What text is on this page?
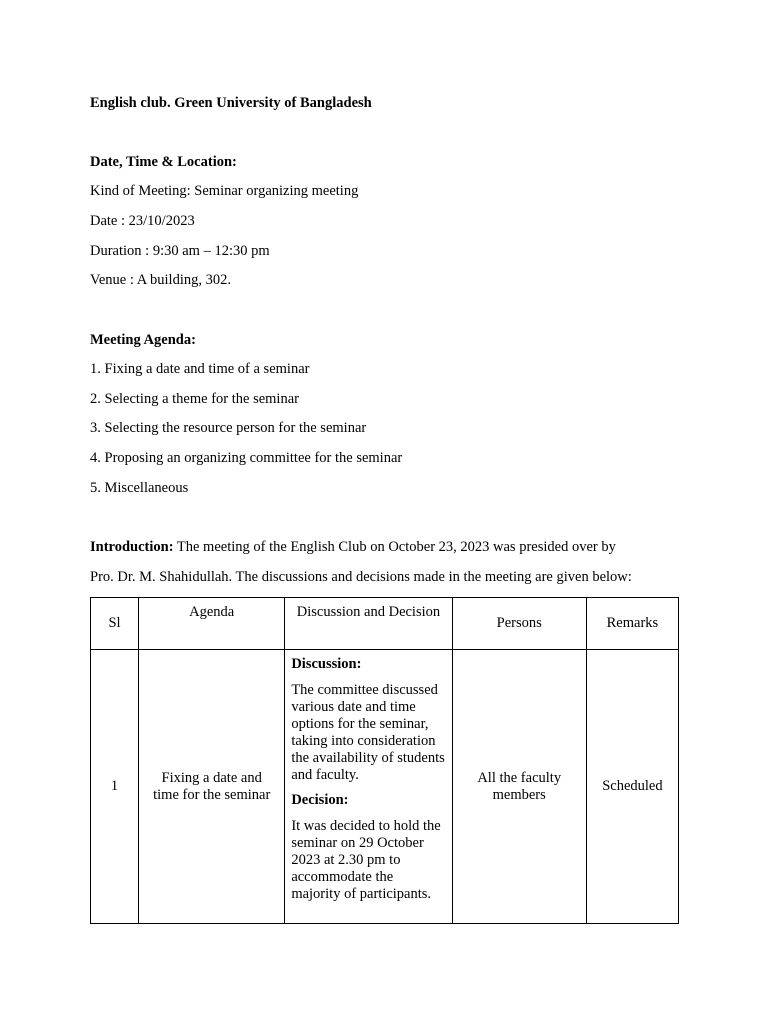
English club. Green University of Bangladesh
Date, Time & Location:
Kind of Meeting: Seminar organizing meeting
Date : 23/10/2023
Duration : 9:30 am – 12:30 pm
Venue : A building, 302.
Meeting Agenda:
1. Fixing a date and time of a seminar
2. Selecting a theme for the seminar
3. Selecting the resource person for the seminar
4. Proposing an organizing committee for the seminar
5. Miscellaneous
Introduction: The meeting of the English Club on October 23, 2023 was presided over by
Pro. Dr. M. Shahidullah. The discussions and decisions made in the meeting are given below:
Sl	Agenda	Discussion and Decision	Persons	Remarks
1	Fixing a date and time for the seminar	Discussion:

The committee discussed various date and time options for the seminar, taking into consideration the availability of students and faculty.

Decision:

It was decided to hold the seminar on 29 October 2023 at 2.30 pm to accommodate the majority of participants.	All the faculty members	Scheduled
